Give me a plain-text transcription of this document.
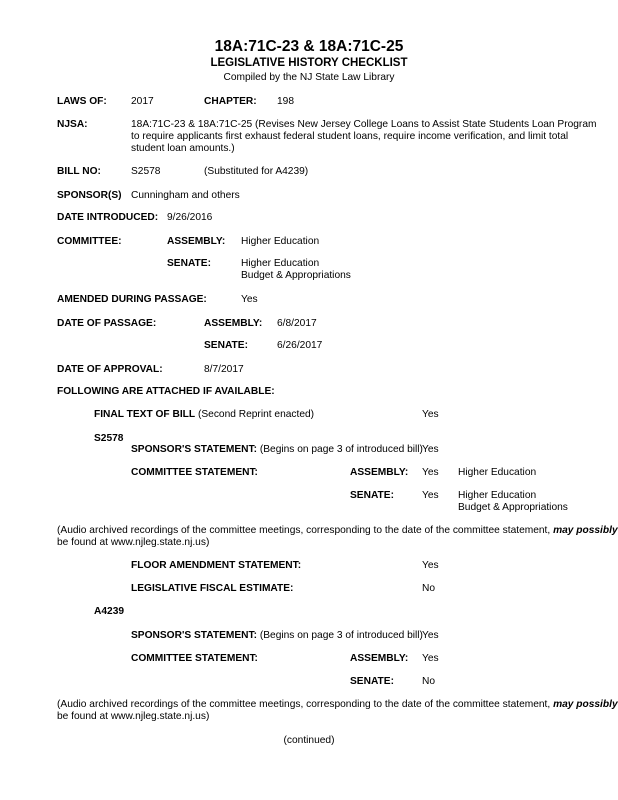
18A:71C-23 & 18A:71C-25
LEGISLATIVE HISTORY CHECKLIST
Compiled by the NJ State Law Library
LAWS OF: 2017	CHAPTER: 198
NJSA:	18A:71C-23 & 18A:71C-25 (Revises New Jersey College Loans to Assist State Students Loan Program to require applicants first exhaust federal student loans, require income verification, and limit total student loan amounts.)
BILL NO:	S2578	(Substituted for A4239)
SPONSOR(S) Cunningham and others
DATE INTRODUCED: 9/26/2016
COMMITTEE:	ASSEMBLY: Higher Education
SENATE:	Higher Education
Budget & Appropriations
AMENDED DURING PASSAGE:	Yes
DATE OF PASSAGE:	ASSEMBLY: 6/8/2017
SENATE:	6/26/2017
DATE OF APPROVAL:	8/7/2017
FOLLOWING ARE ATTACHED IF AVAILABLE:
FINAL TEXT OF BILL (Second Reprint enacted)	Yes
S2578
SPONSOR'S STATEMENT: (Begins on page 3 of introduced bill) Yes
COMMITTEE STATEMENT:	ASSEMBLY: Yes Higher Education
SENATE:	Yes Higher Education
Budget & Appropriations
(Audio archived recordings of the committee meetings, corresponding to the date of the committee statement, may possibly
be found at www.njleg.state.nj.us)
FLOOR AMENDMENT STATEMENT:	Yes
LEGISLATIVE FISCAL ESTIMATE:	No
A4239
SPONSOR'S STATEMENT: (Begins on page 3 of introduced bill) Yes
COMMITTEE STATEMENT:	ASSEMBLY: Yes
SENATE:	No
(Audio archived recordings of the committee meetings, corresponding to the date of the committee statement, may possibly
be found at www.njleg.state.nj.us)
(continued)
